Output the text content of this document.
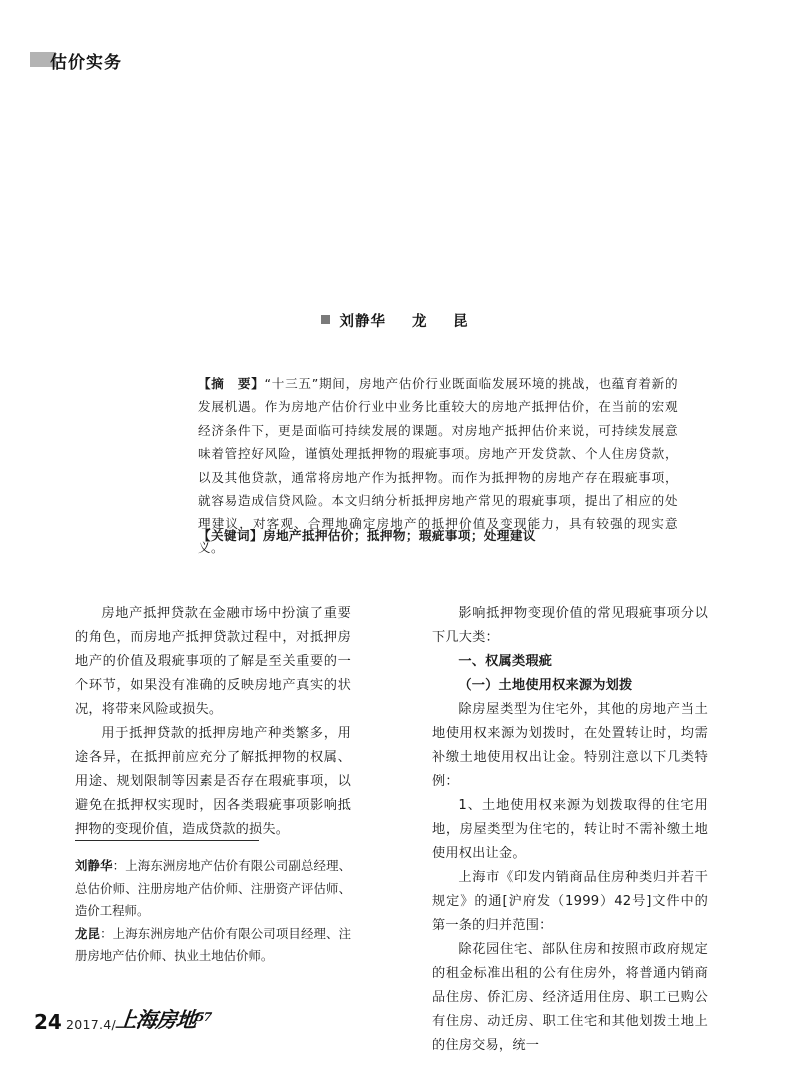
估价实务
刘静华 龙　昆

【摘　要】“十三五”期间，房地产估价行业既面临发展环境的挑战，也蕴育着新的发展机遇。作为房地产估价行业中业务比重较大的房地产抵押估价，在当前的宏观经济条件下，更是面临可持续发展的课题。对房地产抵押估价来说，可持续发展意味着管控好风险，谨慎处理抵押物的瑕疵事项。房地产开发贷款、个人住房贷款，以及其他贷款，通常将房地产作为抵押物。而作为抵押物的房地产存在瑕疵事项，就容易造成信贷风险。本文归纳分析抵押房地产常见的瑕疵事项，提出了相应的处理建议，对客观、合理地确定房地产的抵押价值及变现能力，具有较强的现实意义。

【关键词】房地产抵押估价；抵押物；瑕疵事项；处理建议

房地产抵押贷款在金融市场中扮演了重要的角色，而房地产抵押贷款过程中，对抵押房地产的价值及瑕疵事项的了解是至关重要的一个环节，如果没有准确的反映房地产真实的状况，将带来风险或损失。

用于抵押贷款的抵押房地产种类繁多，用途各异，在抵押前应充分了解抵押物的权属、用途、规划限制等因素是否存在瑕疵事项，以避免在抵押权实现时，因各类瑕疵事项影响抵押物的变现价值，造成贷款的损失。

影响抵押物变现价值的常见瑕疵事项分以下几大类：

一、权属类瑕疵

（一）土地使用权来源为划拨

除房屋类型为住宅外，其他的房地产当土地使用权来源为划拨时，在处置转让时，均需补缴土地使用权出让金。特别注意以下几类特例：

1、土地使用权来源为划拨取得的住宅用地，房屋类型为住宅的，转让时不需补缴土地使用权出让金。

上海市《印发内销商品住房种类归并若干规定》的通[沪府发（1999）42号]文件中的第一条的归并范围：

除花园住宅、部队住房和按照市政府规定的租金标准出租的公有住房外，将普通内销商品住房、侨汇房、经济适用住房、职工已购公有住房、动迁房、职工住宅和其他划拨土地上的住房交易，统一

刘静华：上海东洲房地产估价有限公司副总经理、总估价师、注册房地产估价师、注册资产评估师、造价工程师。

龙昆：上海东洲房地产估价有限公司项目经理、注册房地产估价师、执业土地估价师。

24 2017.4/
上海房地$^{57}$
